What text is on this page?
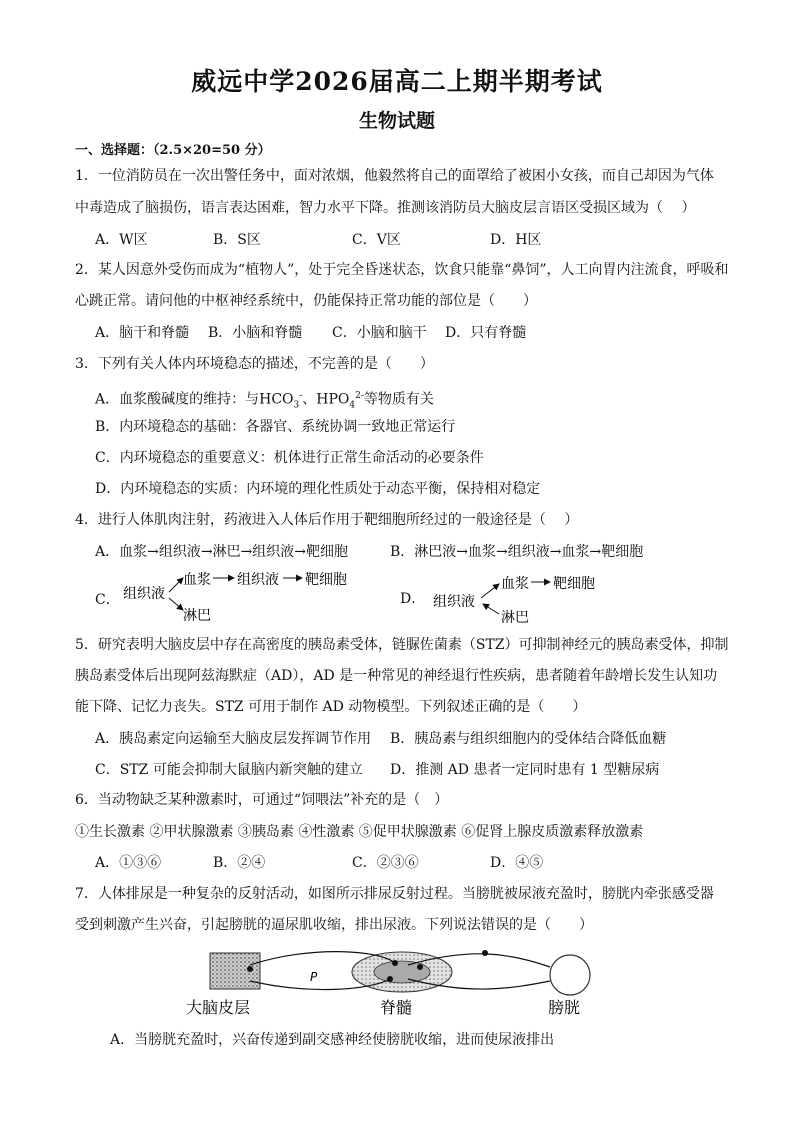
威远中学2026届高二上期半期考试
生物试题
一、选择题：（2.5×20=50 分）
1．一位消防员在一次出警任务中，面对浓烟，他毅然将自己的面罩给了被困小女孩，而自己却因为气体
中毒造成了脑损伤，语言表达困难，智力水平下降。推测该消防员大脑皮层言语区受损区域为（　 ）
A．W区	B．S区	C．V区	D．H区
2．某人因意外受伤而成为“植物人”，处于完全昏迷状态，饮食只能靠“鼻饲”，人工向胃内注流食，呼吸和
心跳正常。请问他的中枢神经系统中，仍能保持正常功能的部位是（　　）
A．脑干和脊髓 B．小脑和脊髓 C．小脑和脑干 D．只有脊髓
3．下列有关人体内环境稳态的描述，不完善的是（　　）
A．血浆酸碱度的维持：与$HCO_3^-$、$HPO_4^{2-}$等物质有关
B．内环境稳态的基础：各器官、系统协调一致地正常运行
C．内环境稳态的重要意义：机体进行正常生命活动的必要条件
D．内环境稳态的实质：内环境的理化性质处于动态平衡，保持相对稳定
4．进行人体肌肉注射，药液进入人体后作用于靶细胞所经过的一般途径是（　 ）
A．血浆→组织液→淋巴→组织液→靶细胞	B．淋巴液→血浆→组织液→血浆→靶细胞
C． 组织液
血浆
淋巴
组织液 靶细胞
D． 组织液
血浆
淋巴
靶细胞
5．研究表明大脑皮层中存在高密度的胰岛素受体，链脲佐菌素（STZ）可抑制神经元的胰岛素受体，抑制
胰岛素受体后出现阿兹海默症（AD），AD 是一种常见的神经退行性疾病，患者随着年龄增长发生认知功
能下降、记忆力丧失。STZ 可用于制作 AD 动物模型。下列叙述正确的是（　　）
A．胰岛素定向运输至大脑皮层发挥调节作用 B．胰岛素与组织细胞内的受体结合降低血糖
C．STZ 可能会抑制大鼠脑内新突触的建立 D．推测 AD 患者一定同时患有 1 型糖尿病
6．当动物缺乏某种激素时，可通过“饲喂法”补充的是（　）
①生长激素 ②甲状腺激素 ③胰岛素 ④性激素 ⑤促甲状腺激素 ⑥促肾上腺皮质激素释放激素
A．①③⑥	B．②④	C．②③⑥	D．④⑤
7．人体排尿是一种复杂的反射活动，如图所示排尿反射过程。当膀胱被尿液充盈时，膀胱内牵张感受器
受到刺激产生兴奋，引起膀胱的逼尿肌收缩，排出尿液。下列说法错误的是（　　）
P
大脑皮层	脊髓	膀胱
A．当膀胱充盈时，兴奋传递到副交感神经使膀胱收缩，进而使尿液排出
